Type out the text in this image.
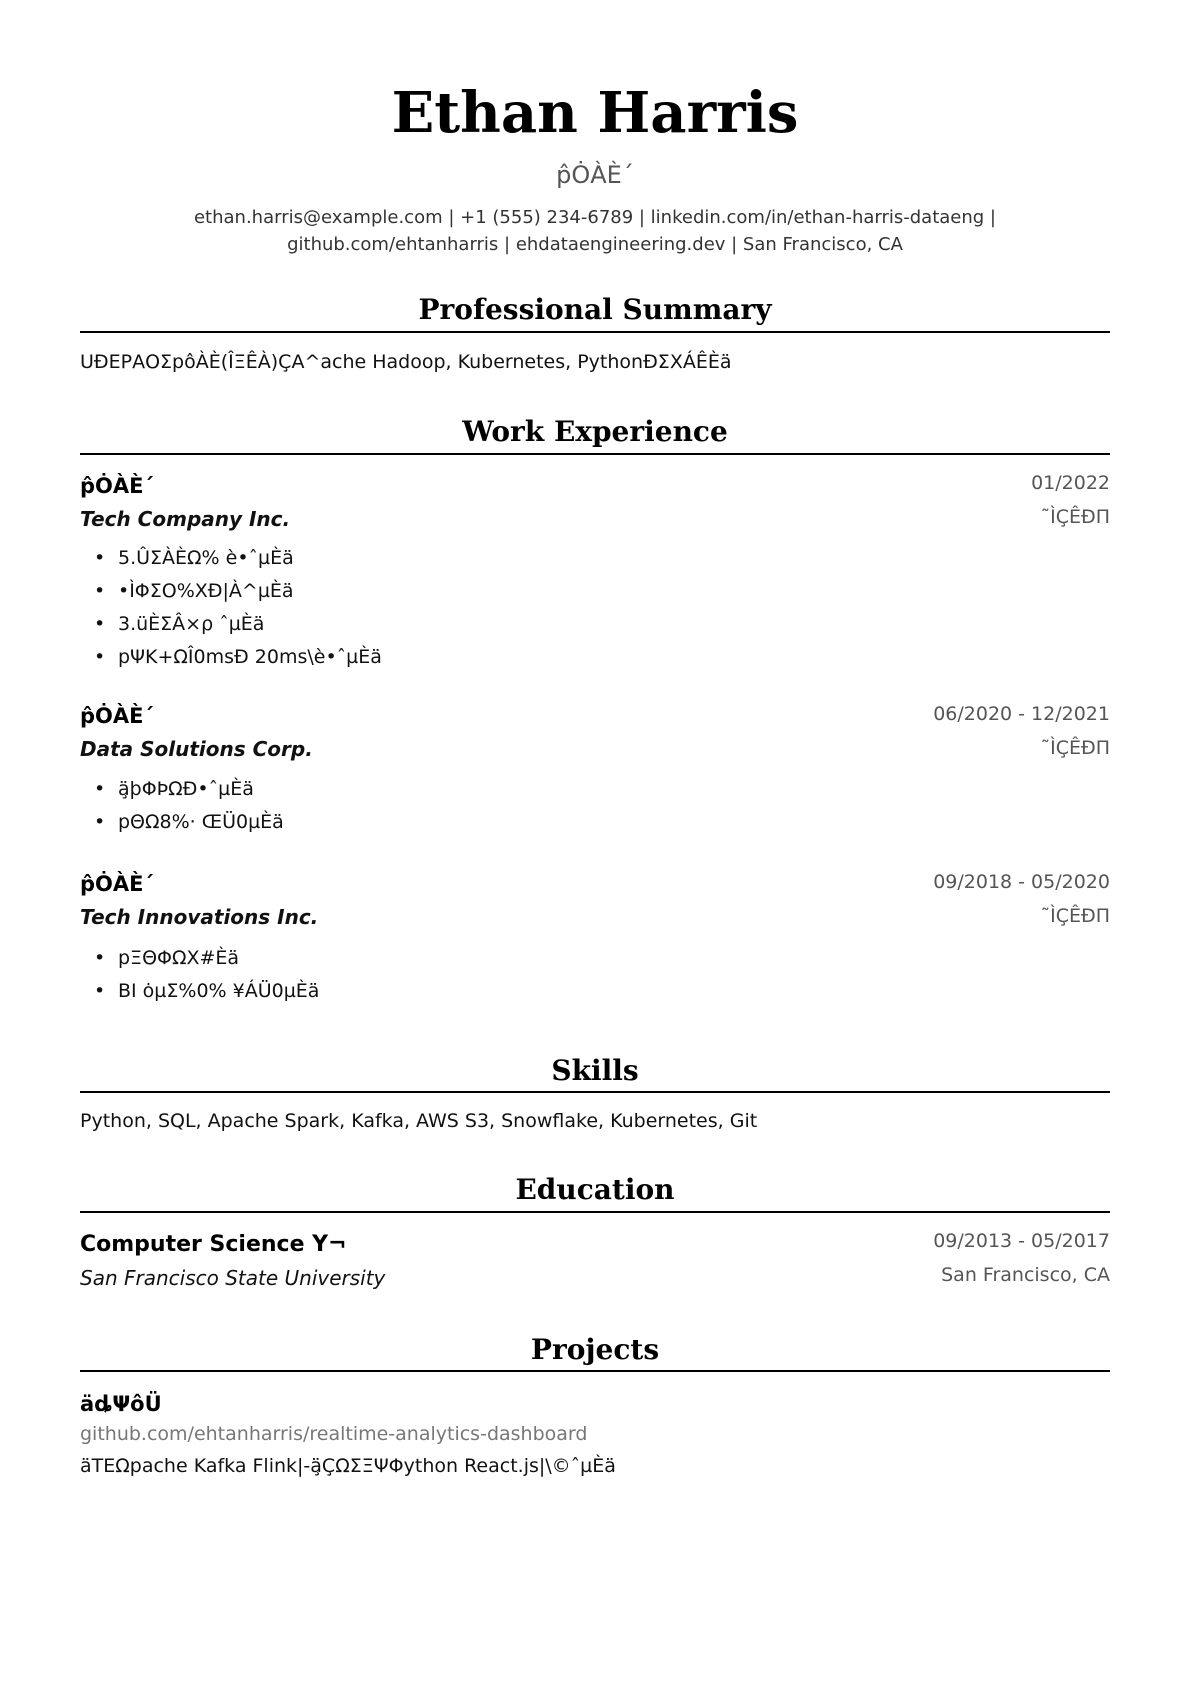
Ethan Harris
p̂ȮÀÈ´
ethan.harris@example.com | +1 (555) 234-6789 | linkedin.com/in/ethan-harris-dataeng |
github.com/ehtanharris | ehdataengineering.dev | San Francisco, CA
Professional Summary
UÐΕΡΑΟΣpôÀÈ(ÎΞÊÀ)ÇA^ache Hadoop, Kubernetes, PythonÐΣΧÁÊÈä
Work Experience
p̂ȮÀÈ´	01/2022
Tech Company Inc.	˜ÌÇÊÐΠ
• 5.ÛΣÀÈΩ% è•ˆµÈä
• •ÌΦΣΟ%XÐ|À^µÈä
• 3.üÈΣÂ×ρ ˆµÈä
• pΨΚ+ΩÎ0msÐ 20ms\è•ˆµÈä
p̂ȮÀÈ´	06/2020 - 12/2021
Data Solutions Corp.	˜ÌÇÊÐΠ
• ä̧þΦÞΩÐ•ˆµÈä
• pΘΩ8%· ŒÜ0µÈä
p̂ȮÀÈ´	09/2018 - 05/2020
Tech Innovations Inc.	˜ÌÇÊÐΠ
• pΞΘΦΩΧ#Èä
• BI ȯµΣ%0% ¥ÁÜ0µÈä
Skills
Python, SQL, Apache Spark, Kafka, AWS S3, Snowflake, Kubernetes, Git
Education
Computer Science Y¬	09/2013 - 05/2017
San Francisco State University	San Francisco, CA
Projects
äȡΨôÜ
github.com/ehtanharris/realtime-analytics-dashboard
äΤΕΩpache Kafka Flink|-ä̧ÇΩΣΞΨΦython React.js|\©ˆµÈä
